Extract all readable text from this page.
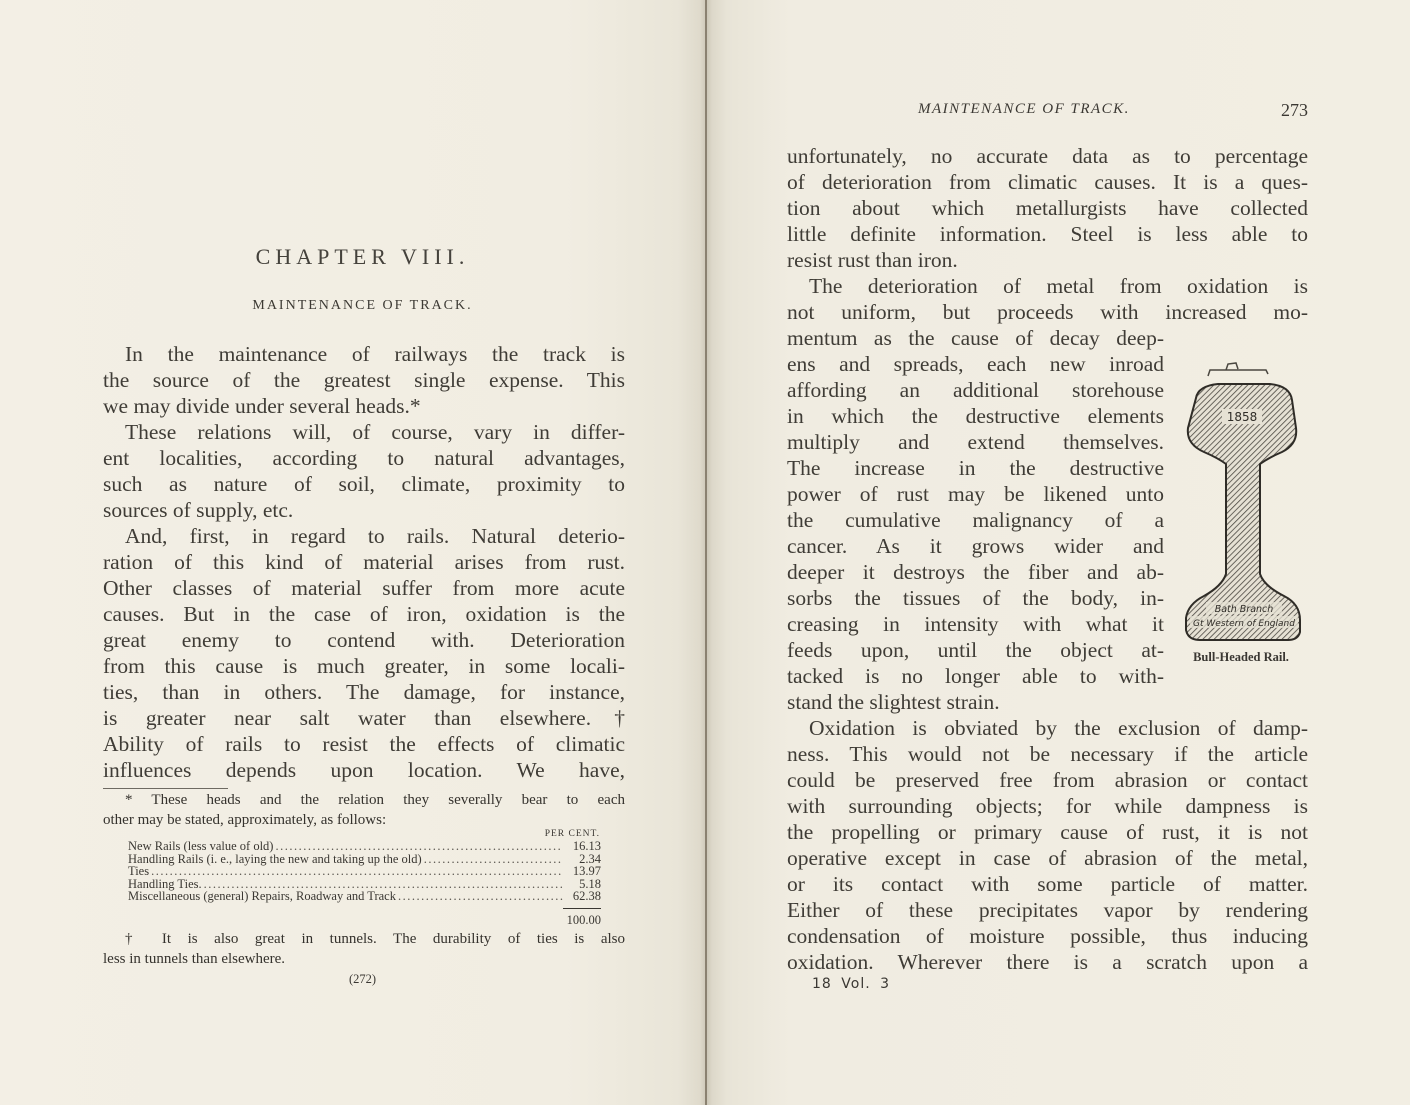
CHAPTER VIII.
MAINTENANCE OF TRACK.
In the maintenance of railways the track is
the source of the greatest single expense. This
we may divide under several heads.*
These relations will, of course, vary in differ-
ent localities, according to natural advantages,
such as nature of soil, climate, proximity to
sources of supply, etc.
And, first, in regard to rails. Natural deterio-
ration of this kind of material arises from rust.
Other classes of material suffer from more acute
causes. But in the case of iron, oxidation is the
great enemy to contend with. Deterioration
from this cause is much greater, in some locali-
ties, than in others. The damage, for instance,
is greater near salt water than elsewhere.†
Ability of rails to resist the effects of climatic
influences depends upon location. We have,
* These heads and the relation they severally bear to each
other may be stated, approximately, as follows:
PER CENT.
New Rails (less value of old) .....	16.13
Handling Rails (i. e., laying the new and taking up the old) .....	2.34
Ties .....	13.97
Handling Ties. .....	5.18
Miscellaneous (general) Repairs, Roadway and Track .....	62.38
100.00
† It is also great in tunnels. The durability of ties is also
less in tunnels than elsewhere.
(272)
MAINTENANCE OF TRACK.	273
unfortunately, no accurate data as to percentage
of deterioration from climatic causes. It is a ques-
tion about which metallurgists have collected
little definite information. Steel is less able to
resist rust than iron.
The deterioration of metal from oxidation is
not uniform, but proceeds with increased mo-
mentum as the cause of decay deep-
ens and spreads, each new inroad
affording an additional storehouse
in which the destructive elements
multiply and extend themselves.
The increase in the destructive
power of rust may be likened unto
the cumulative malignancy of a
cancer. As it grows wider and
deeper it destroys the fiber and ab-
sorbs the tissues of the body, in-
creasing in intensity with what it
feeds upon, until the object at-
tacked is no longer able to with-
stand the slightest strain.
1858
Bath Branch
Gt Western of England
Bull-Headed Rail.
Oxidation is obviated by the exclusion of damp-
ness. This would not be necessary if the article
could be preserved free from abrasion or contact
with surrounding objects; for while dampness is
the propelling or primary cause of rust, it is not
operative except in case of abrasion of the metal,
or its contact with some particle of matter.
Either of these precipitates vapor by rendering
condensation of moisture possible, thus inducing
oxidation. Wherever there is a scratch upon a
18 Vol. 3
